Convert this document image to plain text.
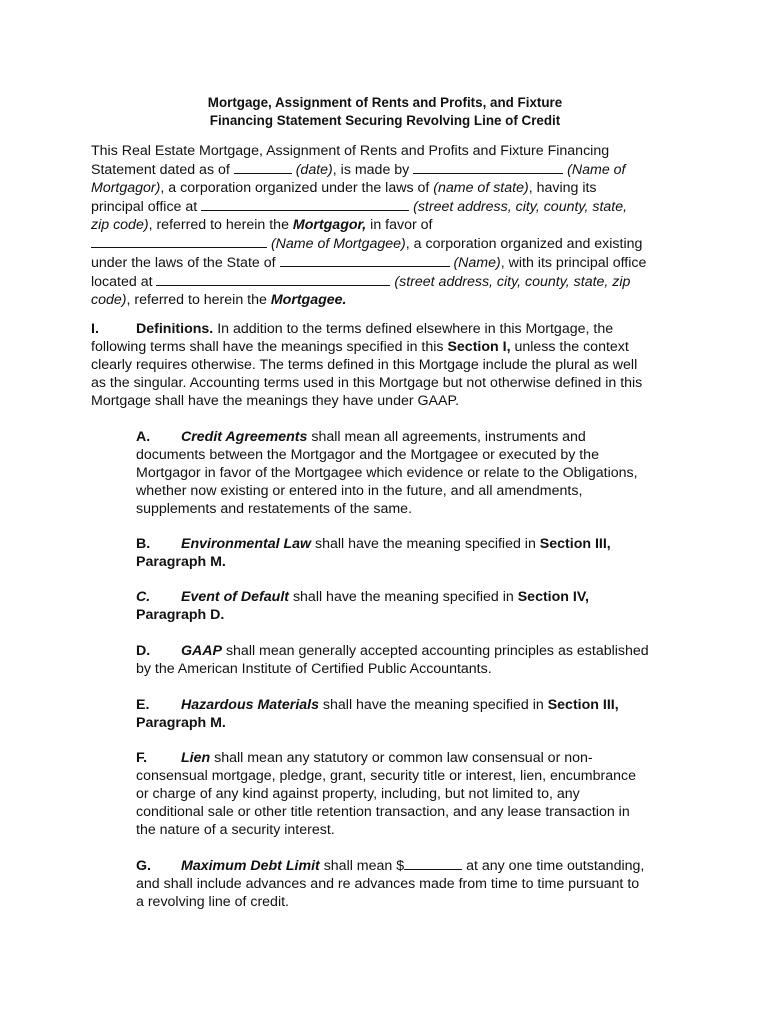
Mortgage, Assignment of Rents and Profits, and Fixture
Financing Statement Securing Revolving Line of Credit
This Real Estate Mortgage, Assignment of Rents and Profits and Fixture Financing
Statement dated as of	(date), is made by	(Name of
Mortgagor), a corporation organized under the laws of (name of state), having its
principal office at	(street address, city, county, state,
zip code), referred to herein the Mortgagor, in favor of
(Name of Mortgagee), a corporation organized and existing
under the laws of the State of	(Name), with its principal office
located at	(street address, city, county, state, zip
code), referred to herein the Mortgagee.
I.	Definitions. In addition to the terms defined elsewhere in this Mortgage, the
following terms shall have the meanings specified in this Section I, unless the context
clearly requires otherwise. The terms defined in this Mortgage include the plural as well
as the singular. Accounting terms used in this Mortgage but not otherwise defined in this
Mortgage shall have the meanings they have under GAAP.
A. Credit Agreements shall mean all agreements, instruments and
documents between the Mortgagor and the Mortgagee or executed by the
Mortgagor in favor of the Mortgagee which evidence or relate to the Obligations,
whether now existing or entered into in the future, and all amendments,
supplements and restatements of the same.
B. Environmental Law shall have the meaning specified in Section III,
Paragraph M.
C. Event of Default shall have the meaning specified in Section IV,
Paragraph D.
D. GAAP shall mean generally accepted accounting principles as established
by the American Institute of Certified Public Accountants.
E. Hazardous Materials shall have the meaning specified in Section III,
Paragraph M.
F. Lien shall mean any statutory or common law consensual or non-
consensual mortgage, pledge, grant, security title or interest, lien, encumbrance
or charge of any kind against property, including, but not limited to, any
conditional sale or other title retention transaction, and any lease transaction in
the nature of a security interest.
G. Maximum Debt Limit shall mean $	at any one time outstanding,
and shall include advances and re advances made from time to time pursuant to
a revolving line of credit.
